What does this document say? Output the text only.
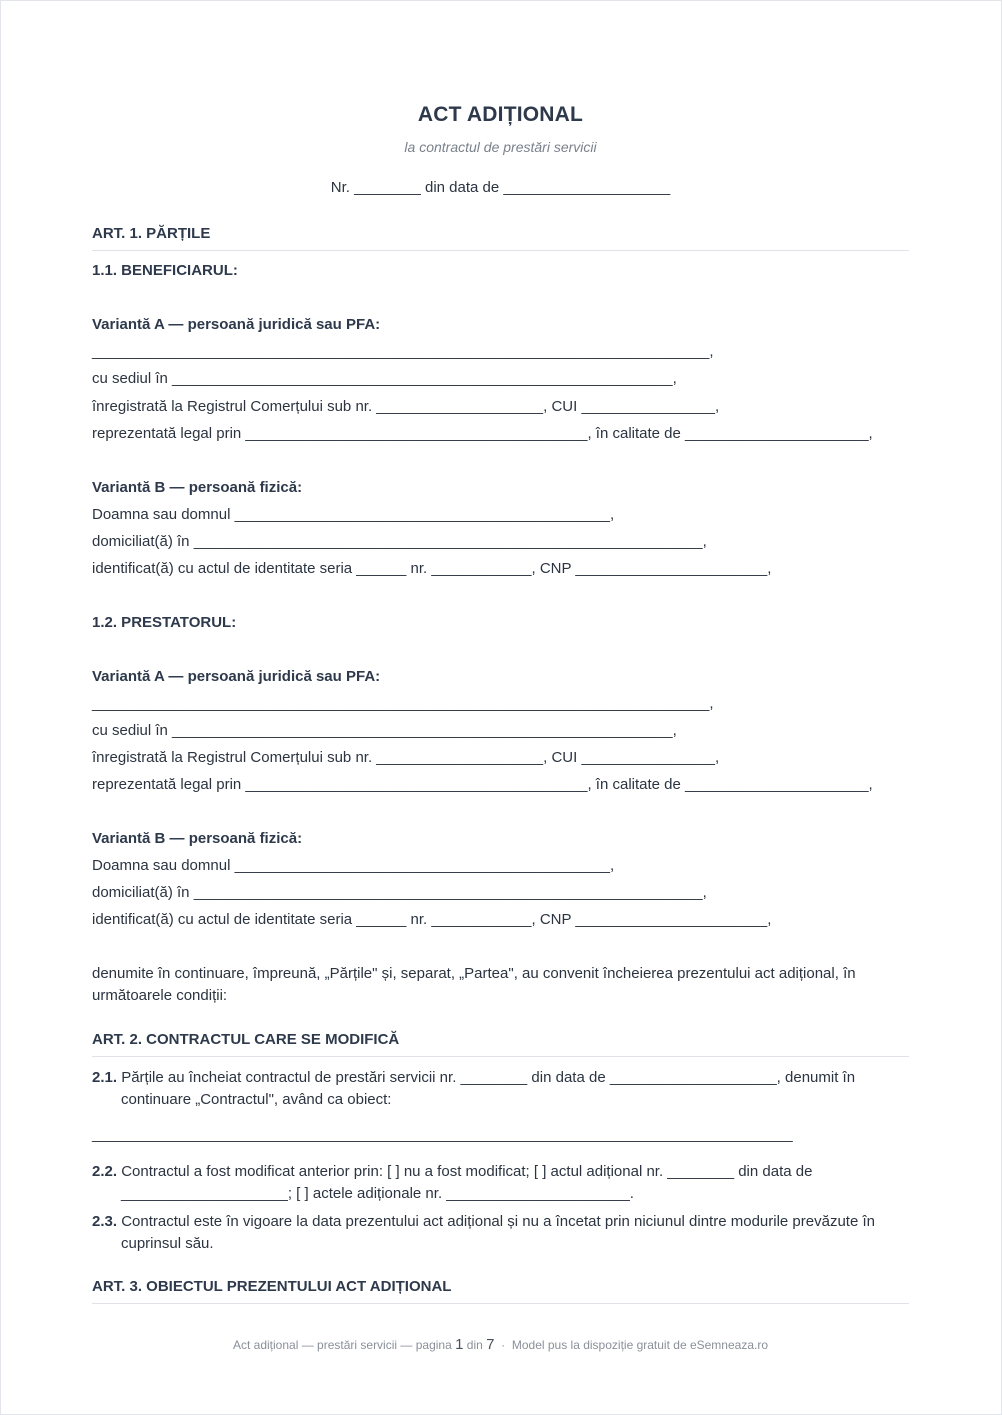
ACT ADIȚIONAL
la contractul de prestări servicii
Nr. ________ din data de ____________________
ART. 1. PĂRȚILE
1.1. BENEFICIARUL:
Variantă A — persoană juridică sau PFA:
__________________________________________________________________________,
cu sediul în ____________________________________________________________,
înregistrată la Registrul Comerțului sub nr. ____________________, CUI ________________,
reprezentată legal prin _________________________________________, în calitate de ______________________,
Variantă B — persoană fizică:
Doamna sau domnul _____________________________________________,
domiciliat(ă) în _____________________________________________________________,
identificat(ă) cu actul de identitate seria ______ nr. ____________, CNP _______________________,
1.2. PRESTATORUL:
Variantă A — persoană juridică sau PFA:
__________________________________________________________________________,
cu sediul în ____________________________________________________________,
înregistrată la Registrul Comerțului sub nr. ____________________, CUI ________________,
reprezentată legal prin _________________________________________, în calitate de ______________________,
Variantă B — persoană fizică:
Doamna sau domnul _____________________________________________,
domiciliat(ă) în _____________________________________________________________,
identificat(ă) cu actul de identitate seria ______ nr. ____________, CNP _______________________,
denumite în continuare, împreună, „Părțile" și, separat, „Partea", au convenit încheierea prezentului act adițional, în următoarele condiții:
ART. 2. CONTRACTUL CARE SE MODIFICĂ
2.1. Părțile au încheiat contractul de prestări servicii nr. ________ din data de ____________________, denumit în continuare „Contractul", având ca obiect:
____________________________________________________________________________________
2.2. Contractul a fost modificat anterior prin: [ ] nu a fost modificat; [ ] actul adițional nr. ________ din data de ____________________; [ ] actele adiționale nr. ______________________.
2.3. Contractul este în vigoare la data prezentului act adițional și nu a încetat prin niciunul dintre modurile prevăzute în cuprinsul său.
ART. 3. OBIECTUL PREZENTULUI ACT ADIȚIONAL
Act adițional — prestări servicii — pagina 1 din 7 · Model pus la dispoziție gratuit de eSemneaza.ro
